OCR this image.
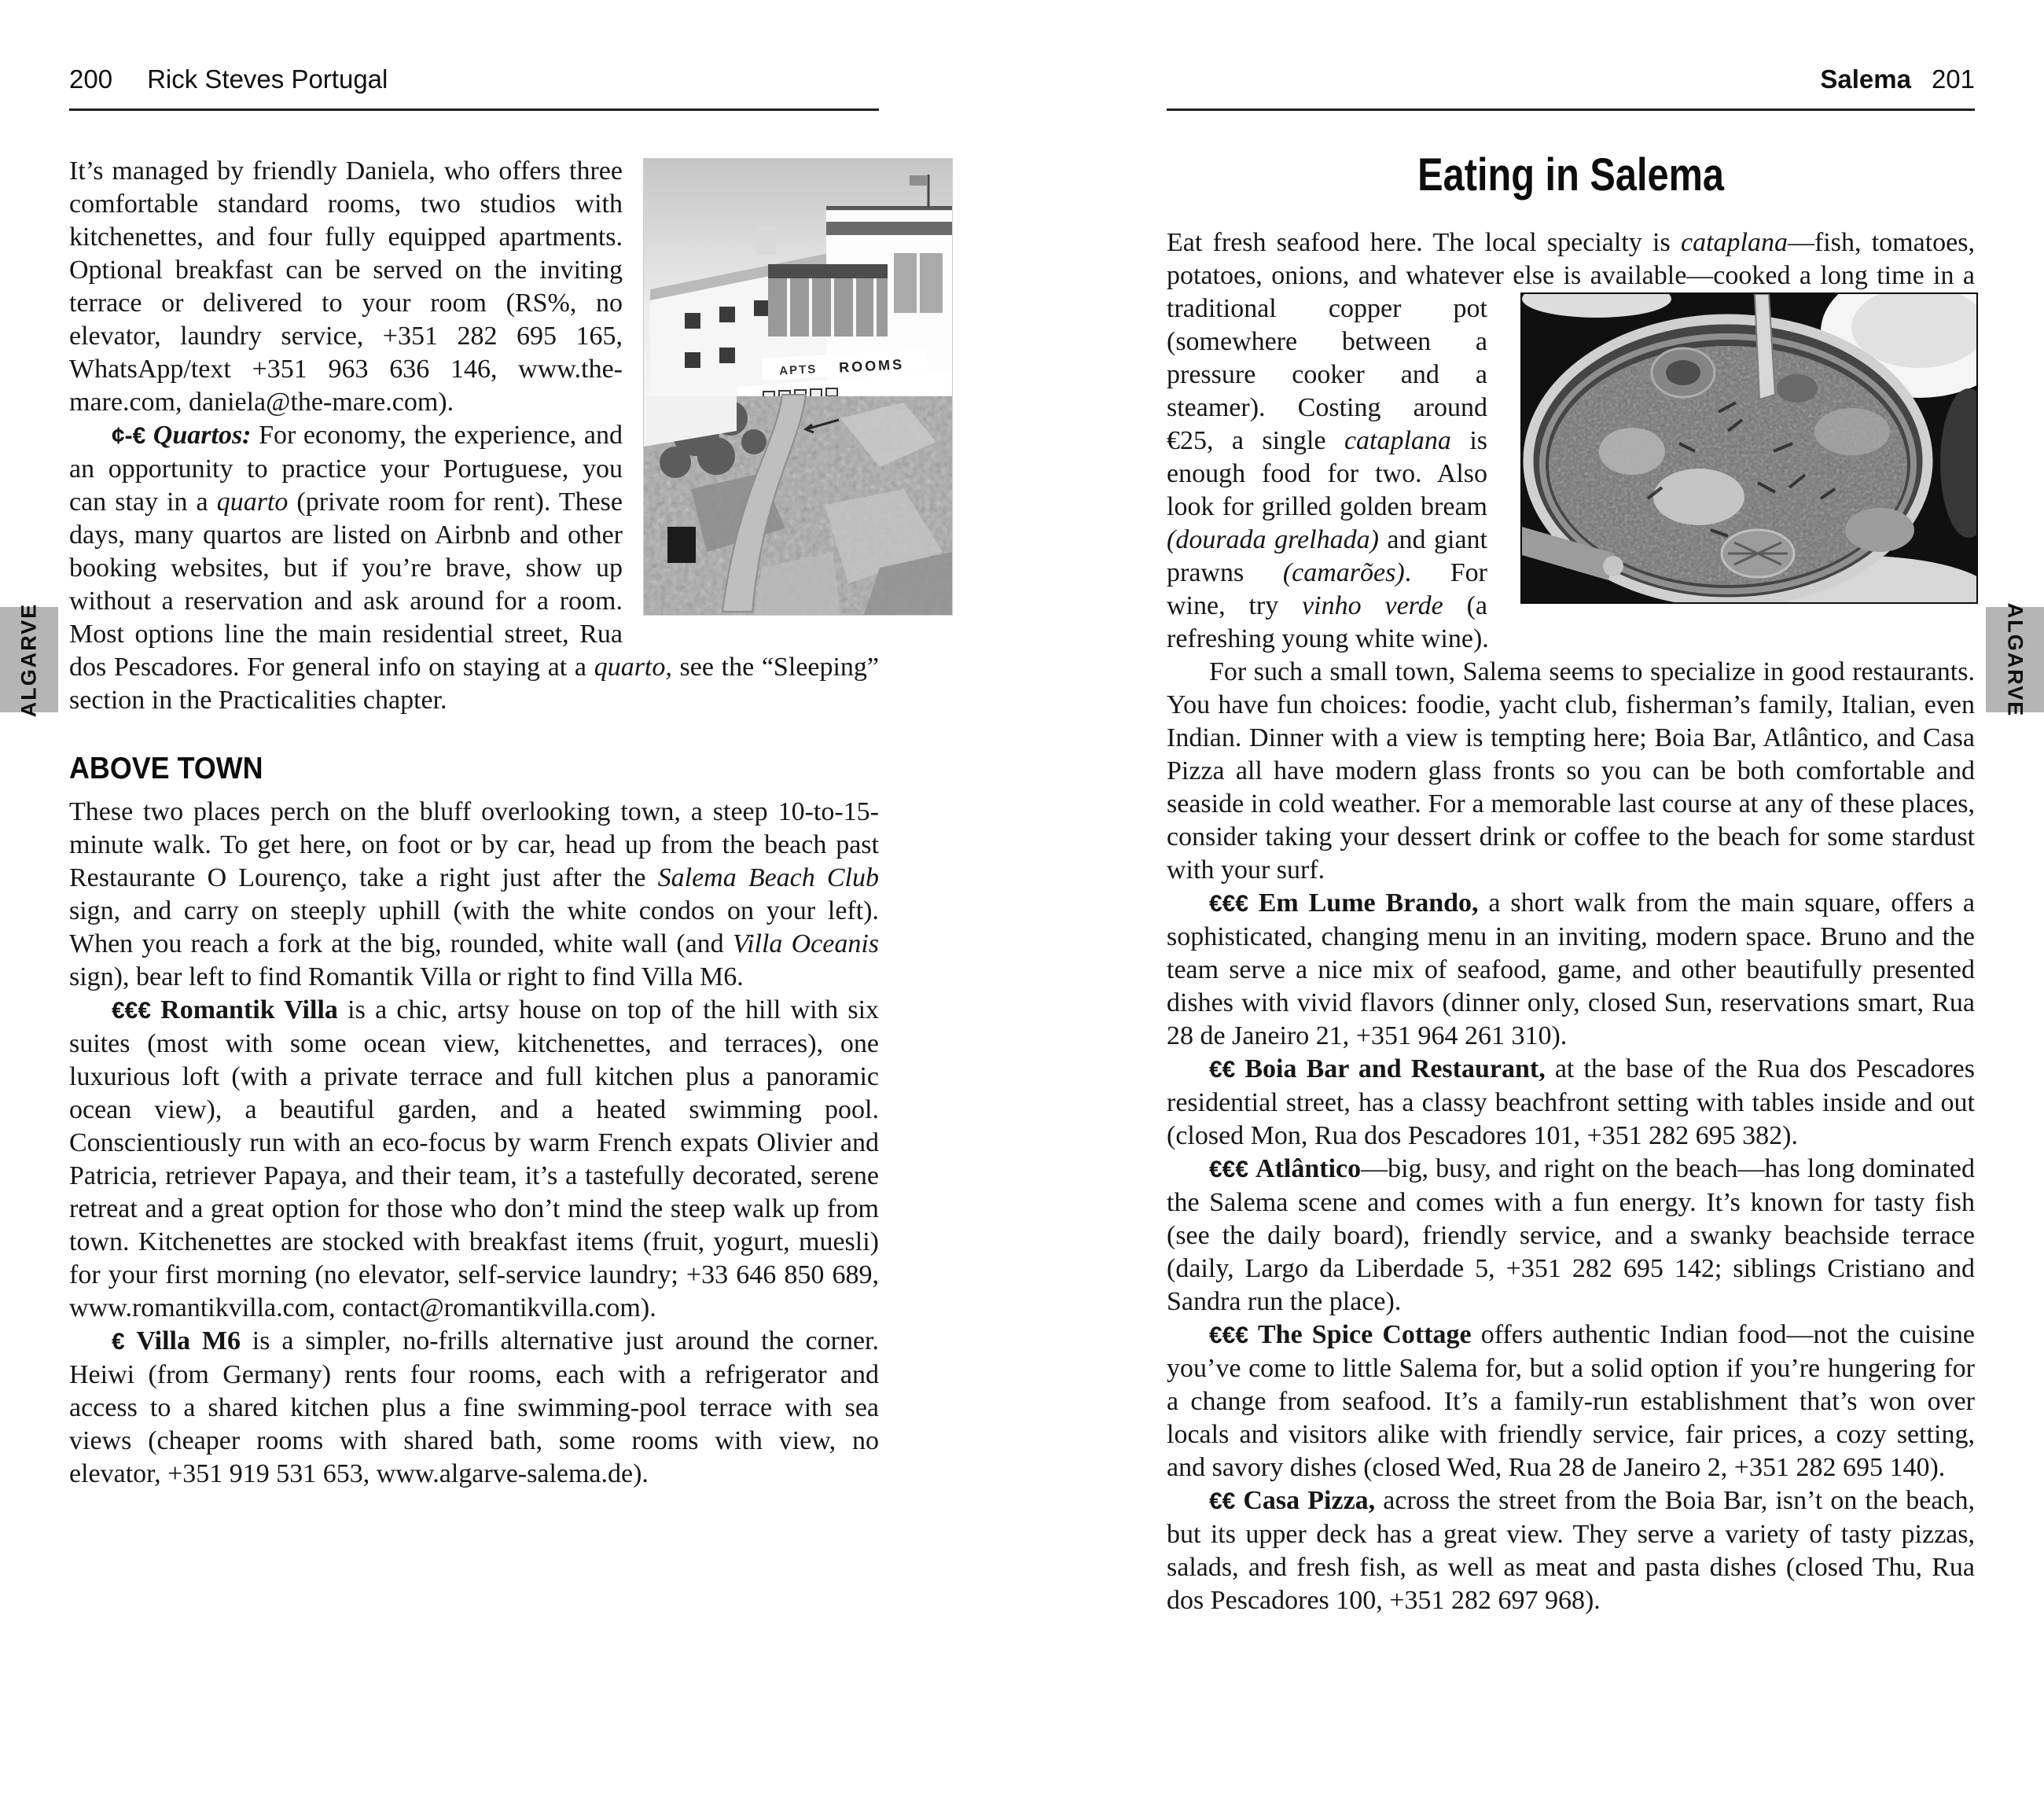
200 Rick Steves Portugal

APTS ROOMS
It’s managed by friendly Daniela, who offers three comfortable standard rooms, two studios with kitchenettes, and four fully equipped apartments. Optional breakfast can be served on the inviting terrace or delivered to your room (RS%, no elevator, laundry service, +351 282 695 165, WhatsApp/text +351 963 636 146, www.the-mare.com, daniela@the-mare.com).

¢-€ Quartos: For economy, the experience, and an opportunity to practice your Portuguese, you can stay in a quarto (private room for rent). These days, many quartos are listed on Airbnb and other booking websites, but if you’re brave, show up without a reservation and ask around for a room. Most options line the main residential street, Rua dos Pescadores. For general info on staying at a quarto, see the “Sleeping” section in the Practicalities chapter.

ABOVE TOWN

These two places perch on the bluff overlooking town, a steep 10-to-15-minute walk. To get here, on foot or by car, head up from the beach past Restaurante O Lourenço, take a right just after the Salema Beach Club sign, and carry on steeply uphill (with the white condos on your left). When you reach a fork at the big, rounded, white wall (and Villa Oceanis sign), bear left to find Romantik Villa or right to find Villa M6.

€€€ Romantik Villa is a chic, artsy house on top of the hill with six suites (most with some ocean view, kitchenettes, and terraces), one luxurious loft (with a private terrace and full kitchen plus a panoramic ocean view), a beautiful garden, and a heated swimming pool. Conscientiously run with an eco-focus by warm French expats Olivier and Patricia, retriever Papaya, and their team, it’s a tastefully decorated, serene retreat and a great option for those who don’t mind the steep walk up from town. Kitchenettes are stocked with breakfast items (fruit, yogurt, muesli) for your first morning (no elevator, self-service laundry; +33 646 850 689, www.romantikvilla.com, contact@romantikvilla.com).

€ Villa M6 is a simpler, no-frills alternative just around the corner. Heiwi (from Germany) rents four rooms, each with a refrigerator and access to a shared kitchen plus a fine swimming-pool terrace with sea views (cheaper rooms with shared bath, some rooms with view, no elevator, +351 919 531 653, www.algarve-salema.de).

Salema 201
Eating in Salema

Eat fresh seafood here. The local specialty is cataplana—fish, tomatoes, potatoes, onions, and whatever else is available—cooked
a long time in a traditional copper pot (somewhere between a pressure cooker and a steamer). Costing around €25, a single cataplana is enough food for two. Also look for grilled golden bream (dourada grelhada) and giant prawns (camarões). For wine, try vinho verde (a refreshing young white wine).

For such a small town, Salema seems to specialize in good restaurants. You have fun choices: foodie, yacht club, fisherman’s family, Italian, even Indian. Dinner with a view is tempting here; Boia Bar, Atlântico, and Casa Pizza all have modern glass fronts so you can be both comfortable and seaside in cold weather. For a memorable last course at any of these places, consider taking your dessert drink or coffee to the beach for some stardust with your surf.

€€€ Em Lume Brando, a short walk from the main square, offers a sophisticated, changing menu in an inviting, modern space. Bruno and the team serve a nice mix of seafood, game, and other beautifully presented dishes with vivid flavors (dinner only, closed Sun, reservations smart, Rua 28 de Janeiro 21, +351 964 261 310).

€€ Boia Bar and Restaurant, at the base of the Rua dos Pescadores residential street, has a classy beachfront setting with tables inside and out (closed Mon, Rua dos Pescadores 101, +351 282 695 382).

€€€ Atlântico—big, busy, and right on the beach—has long dominated the Salema scene and comes with a fun energy. It’s known for tasty fish (see the daily board), friendly service, and a swanky beachside terrace (daily, Largo da Liberdade 5, +351 282 695 142; siblings Cristiano and Sandra run the place).

€€€ The Spice Cottage offers authentic Indian food—not the cuisine you’ve come to little Salema for, but a solid option if you’re hungering for a change from seafood. It’s a family-run establishment that’s won over locals and visitors alike with friendly service, fair prices, a cozy setting, and savory dishes (closed Wed, Rua 28 de Janeiro 2, +351 282 695 140).

€€ Casa Pizza, across the street from the Boia Bar, isn’t on the beach, but its upper deck has a great view. They serve a variety of tasty pizzas, salads, and fresh fish, as well as meat and pasta dishes (closed Thu, Rua dos Pescadores 100, +351 282 697 968).

ALGARVE	ALGARVE
